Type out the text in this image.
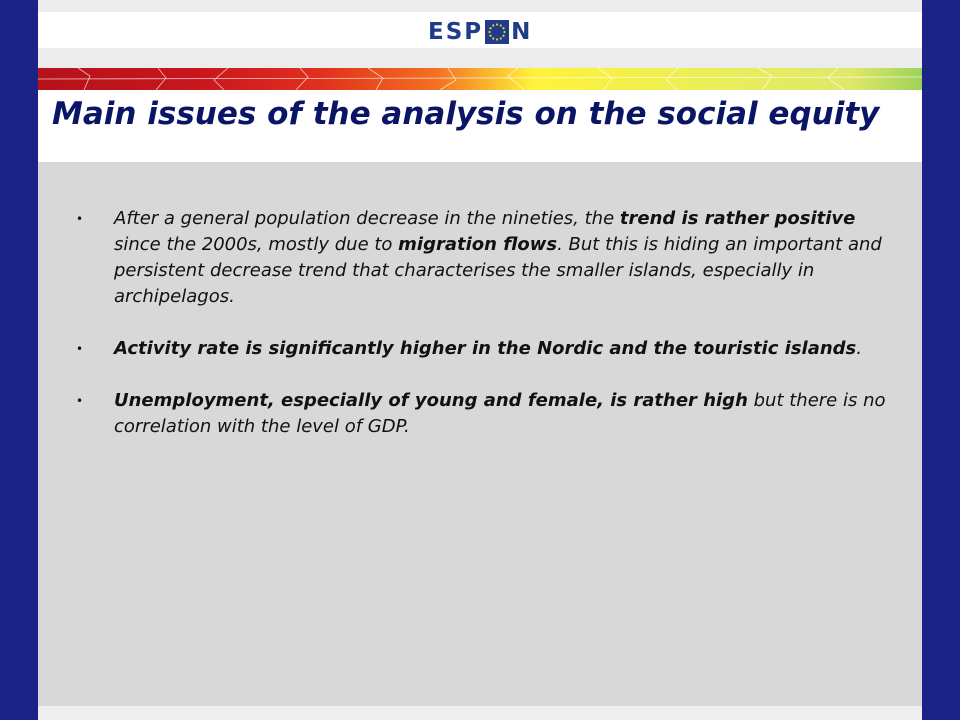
ESP N
Main issues of the analysis on the social equity
• After a general population decrease in the nineties, the trend is rather positive since the 2000s, mostly due to migration flows. But this is hiding an important and persistent decrease trend that characterises the smaller islands, especially in archipelagos.
• Activity rate is significantly higher in the Nordic and the touristic islands.
• Unemployment, especially of young and female, is rather high but there is no correlation with the level of GDP.
